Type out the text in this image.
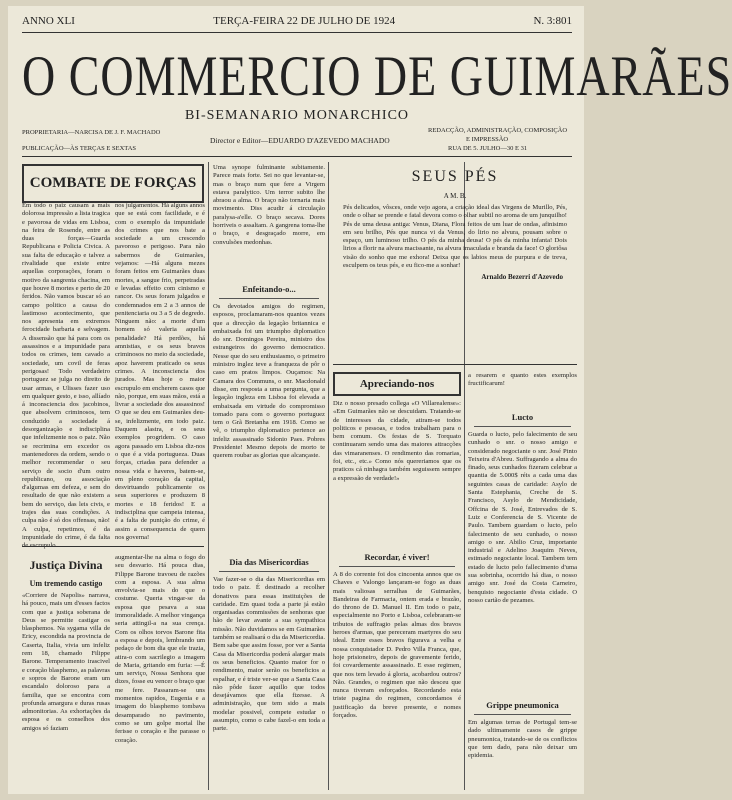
ANNO XLI	TERÇA-FEIRA 22 DE JULHO DE 1924	N. 3:801
O COMMERCIO DE GUIMARÃES
BI-SEMANARIO MONARCHICO
PROPRIETARIA—NARCISA DE J. F. MACHADO
PUBLICAÇÃO—ÀS TERÇAS E SEXTAS
Director e Editor—EDUARDO D'AZEVEDO MACHADO
REDACÇÃO, ADMINISTRAÇÃO, COMPOSIÇÃO
E IMPRESSÃO
RUA DE 5. JULHO—30 E 31
COMBATE DE FORÇAS

Em todo o paiz causam a mais dolorosa impressão a lista tragica e pavorosa de vidas em Lisboa, na feira de Rosende, entre as duas forças—Guarda Republicana e Policia Civica. A sua falta de educação e talvez a rivalidade que existe entre aquellas corporações, foram o motivo da sangrenta chacina, em que houve 8 mortes e perto de 20 feridos. Não vamos buscar só ao campo politico a causa do lastimoso acontecimento, que nos apresenta em extremos ferocidade barbaria e selvagem. A dissensão que há para com os assassinos e a impunidade para todos os crimes, tem cavado a sociedade, um covil de feras perigosas! Todo verdadeiro portuguez se julga no direito de usar armas, e Ulisses fazer uso em qualquer gesto, e isso, allíado á inconsciencia dos jacobinos, que absolvem criminosos, tem conduzido a sociedade á desorganização e indisciplina que infelizmente nos o paiz. Não se recrimina em excedor os mantenedores da ordem, sendo o melhor recommendar o seu serviço de socio d'um outro republicano, ou associação d'algumas em defeza, e sem do resultado de que não existem a bem do serviço, das leis civis, e trajes das suas condições. A culpa não é só dos offensas, não! A culpa, repetimos, é da impunidade do crime, é da falta de escrupulo.

nos julgamentos. Há alguns annos que se está com facilidade, e é com o exemplo da impunidade dos crimes que nos bate a sociedade a um crescendo pavoroso e perigoso. Para não sabermos de Guimarães, vejamos: —Há alguns mezes foram feitos em Guimarães duas mortes, a sangue frio, perpetradas e levadas effeito com cinismo e rancor. Os seus foram julgados e condemnados em 2 a 3 annos de penitenciaria ou 3 a 5 de degredo. Ninguem não: a morte d'um homem só valeria aquella penalidade? Há perdões, há amnistias, e os seus bravos criminosos no meio da sociedade, apoz haverem praticado os seus crimes. A inconsciencia dos jurados. Mas hoje o maior escrupulo em encherem casos que não, porque, em suas mãos, está a livrar a sociedade dos assassinos! O que se deu em Guimarães deu-se, infelizmente, em todo paiz. Daquem alastra, e os seus exemplos progridem. O caso agora passado em Lisboa diz-nos o que é a vida portugueza. Duas forças, criadas para defender a nossa vida e haveres, batem-se, em pleno coração da capital, desvirtuando publicamente os seus superiores e produzem 8 mortes e 18 feridos! E a indisciplina que campeia intensa, é a falta de punição do crime, é assim a consequencia de quem nos governa!

Justiça Divina
Um tremendo castigo

«Corriere de Napolis» narrava, há pouco, mais um d'esses factos com que a justiça soberana de Deus se permitte castigar os blasphemos. Na sygama villa de Ericy, escondida na provincia de Caserta, Italia, vivia um infeliz rem 18, chamado Filippe Barone. Temperamento irascivel e coração blasphemo, as palavras e sopros de Barone eram um escandalo doloroso para a familia, que se encontra com profunda amargura e duras rusas admonitorias. As exhortações da esposa e os conselhos dos amigos só faziam

augmentar-lhe na alma o fogo do seu desvario. Há pouca dias, Filippe Barone travoeu de razões com a esposa. A sua alma envolvia-se mais do que o costume. Queria vingar-se da esposa que pesava a sua immoralidade. A melhor vingança seria attingil-a na sua crença. Com os olhos torvos Barone fita a esposa e depois, lembrando um pedaço de bom dia que ele trazia, atira-o com sacrilegio a imagem de Maria, gritando em furia: —É um serviço, Nossa Senhora que dizes, fosse eu vencer o braço que me fere. Passaram-se uns momentos rapidos, Eugenia e a imagem do blasphemo tombava desamparado no pavimento, como se um golpe mortal lhe ferisse o coração e lhe parasse o coração.

Uma synope fulminante subitamente. Parece mais forte. Sei no que levantar-se, mas o braço num que fere a Virgem estava paralytico. Um terror subito lhe abraou a alma. O braço não tornaria mais movimento. Diss acudir á circulação paralysa-a'elle. O braço secava. Dores horriveis o assaltam. A gangrena toma-lhe o braço, e desgraçado morre, em convulsões medonhas.

Enfeitando-o...

Os devotados amigos do regimen, esposos, proclamaram-nos quantos vezes que a direcção da legação britannica e embaixada foi um triumpho diplomatico do snr. Domingos Pereira, ministro dos estrangeiros do governo democratico. Nesse que do seu enthusiasmo, o primeiro ministro inglez teve a franqueza de pôr o caso em pratos limpos. Ouçamos: Na Camara dos Communs, o snr. Macdonald disse, em resposta a uma pergunta, que a legação ingleza em Lisboa foi elevada a embaixada em virtude do compromisso tomado para com o governo portuguez tem o Grã Bretanha em 1918. Como se vê, o triumpho diplomatico pertence ao infeliz assassinado Sidonio Paes. Pobres Presidente! Mesmo depois de morto te querem roubar as glorias que alcançaste.

Dia das Misericordias

Vae fazer-se o dia das Misericordias em todo o paiz. É destinado a recolher donativos para essas instituições de caridade. Em quasi toda a parte já estão organisadas commissões de senhoras que hão de levar avante a sua sympathica missão. Não duvidamos se em Guimarães também se realisará o dia da Misericordia. Bem sabe que assim fosse, por ver a Santa Casa da Misericordia poderá alargar mais os seus beneficios. Quanto maior for o rendimento, maior serão os beneficios a espalhar, e é triste ver-se que a Santa Casa não pôde fazer aquillo que todos desejávamos que ella fizesse. A administração, que tem sido a mais modelar possivel, compete estudar o assumpto, como o cabe fazel-o em toda a parte.

SEUS PÉS
A M. B.

Pés delicados, vôsces, onde vejo agora, a criação ideal das Virgens de Murillo, Pés, onde o olhar se prende e fatal devora como o olhar subtil no aroma de um junquilho! Pés de uma deusa antiga: Venus, Diana, Flora feitos de um luar de ondas, afinisimo em seu brilho, Pés que nunca vi da Venus, do lirio no alvura, pousam sobre o espaço, um luminoso trilho. O pés da minha deusa! O pés da minha infanta! Dois lirios a florir na alvura macissante, na alvura imaculada e branda da face! O gloriôsa visão do sonho que me exhora! Deixa que os labios meus de purpura e de treva, esculpem os teus pés, e eu fico-me a sonhar!

Arnaldo Bezerri d'Azevedo
Apreciando-nos

Diz o nosso presado collega «O Villarealense»: «Em Guimarães não se descuidam. Tratando-se de interesses da cidade, atiram-se todos politicos e pessoas, e todos trabalham para o bem comum. Os festas de S. Torquato continuaram sendo uma das maiores attracções das vimaranenses. O rendimento das romarias, foi, etc., etc.» Como nós quereriamos que os praticos cá ninhagra também seguissem sempre a expressão de verdade!»

Recordar, é viver!

A 8 do corrente foi dos cincoenta annos que os Chaves e Valongo lançaram-se fogo as duas mais valiosas serralhas de Guimarães, Bandeiras de Farmacia, ontem erada e brazão, do throno de D. Manuel II. Em todo o paiz, especialmente no Porto e Lisboa, celebraram-se tributos de suffragio pelas almas dos bravos heroes d'armas, que pereceram martyres do seu ideal. Entre esses bravos figurava a velha e nossa conquistador D. Pedro Villa Franca, que, hoje prisioneiro, depois de gravemente ferido, foi covardemente assassinado. E esse regimen, que nos tem levado á gloria, acobardou outros? Não. Grandes, o regimen que não desceu que nunca tiveram esforçados. Recordando esta triste pagina do regimen, concordamos é justificação da breve presente, e nomes forçados.

a resarem e quanto estes exemplos fructificarum!

Lucto

Guarda o lucto, pelo falecimento de seu cunhado o snr. o nosso amigo e considerado negociante o snr. José Pinto Teixeira d'Abreu. Suffragando a alma do finado, seus cunhados fizeram celebrar a quantia de 5.000$ réis a cada uma das seguintes casas de caridade: Asylo de Santa Estephania, Creche de S. Francisco, Asylo de Mendicidade, Offcina de S. José, Entrevados de S. Luiz e Conferencia de S. Vicente de Paulo. Tambem guardam o lucto, pelo falecimento de seu cunhado, o nosso amigo o snr. Abilio Cruz, importante industrial e Adelino Joaquim Neves, estimado negociante local. Tambem tem estado de lucto pelo fallecimento d'uma sua sobrinha, ocorrido há dias, o nosso amigo snr. José da Costa Carneiro, benquisto negociante d'esta cidade. O nosso cartão de pezames.

Grippe pneumonica

Em algumas terras de Portugal tem-se dado ultimamente casos de grippe pneumonica, tratando-se de os conflictos que tem dado, para não deixar um epidemia.
